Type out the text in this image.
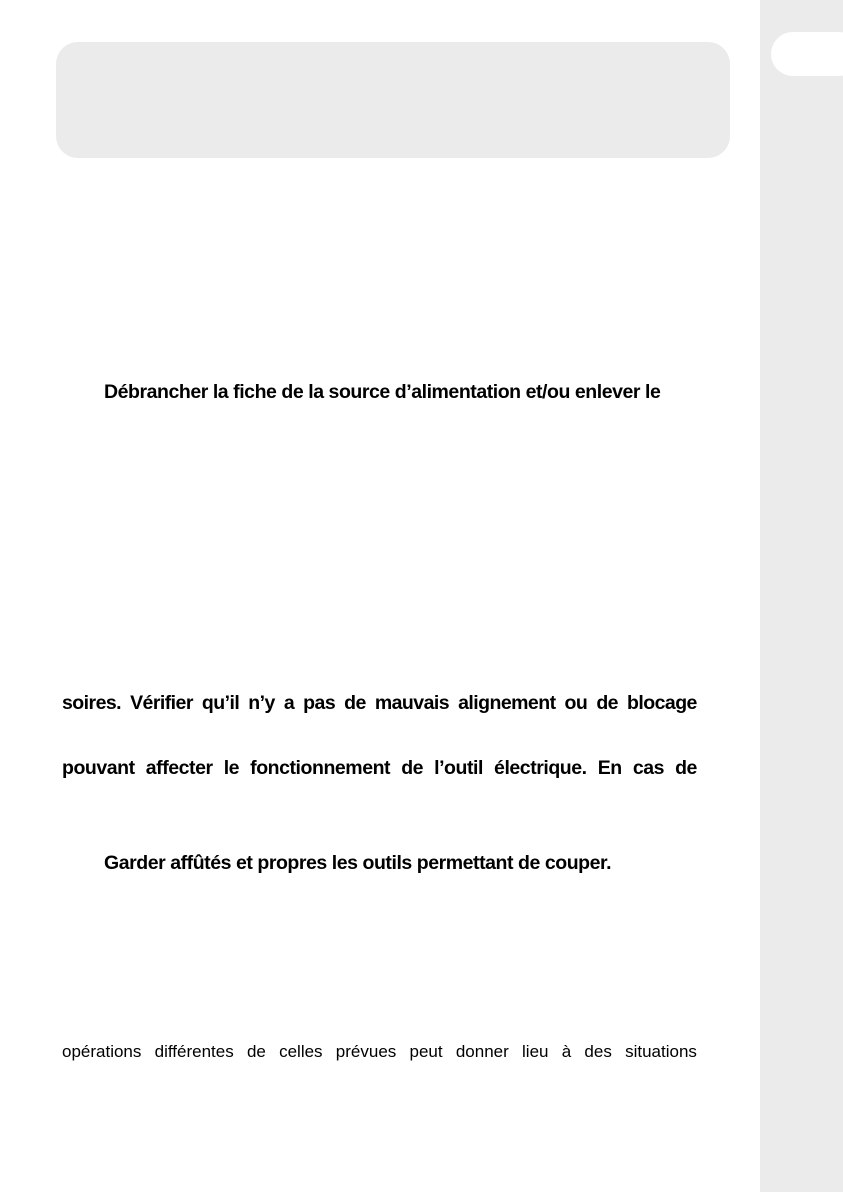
Débrancher la fiche de la source d’alimentation et/ou enlever le
soires. Vérifier qu’il n’y a pas de mauvais alignement ou de blocage
pouvant affecter le fonctionnement de l’outil électrique. En cas de
Garder affûtés et propres les outils permettant de couper.
opérations différentes de celles prévues peut donner lieu à des situations
